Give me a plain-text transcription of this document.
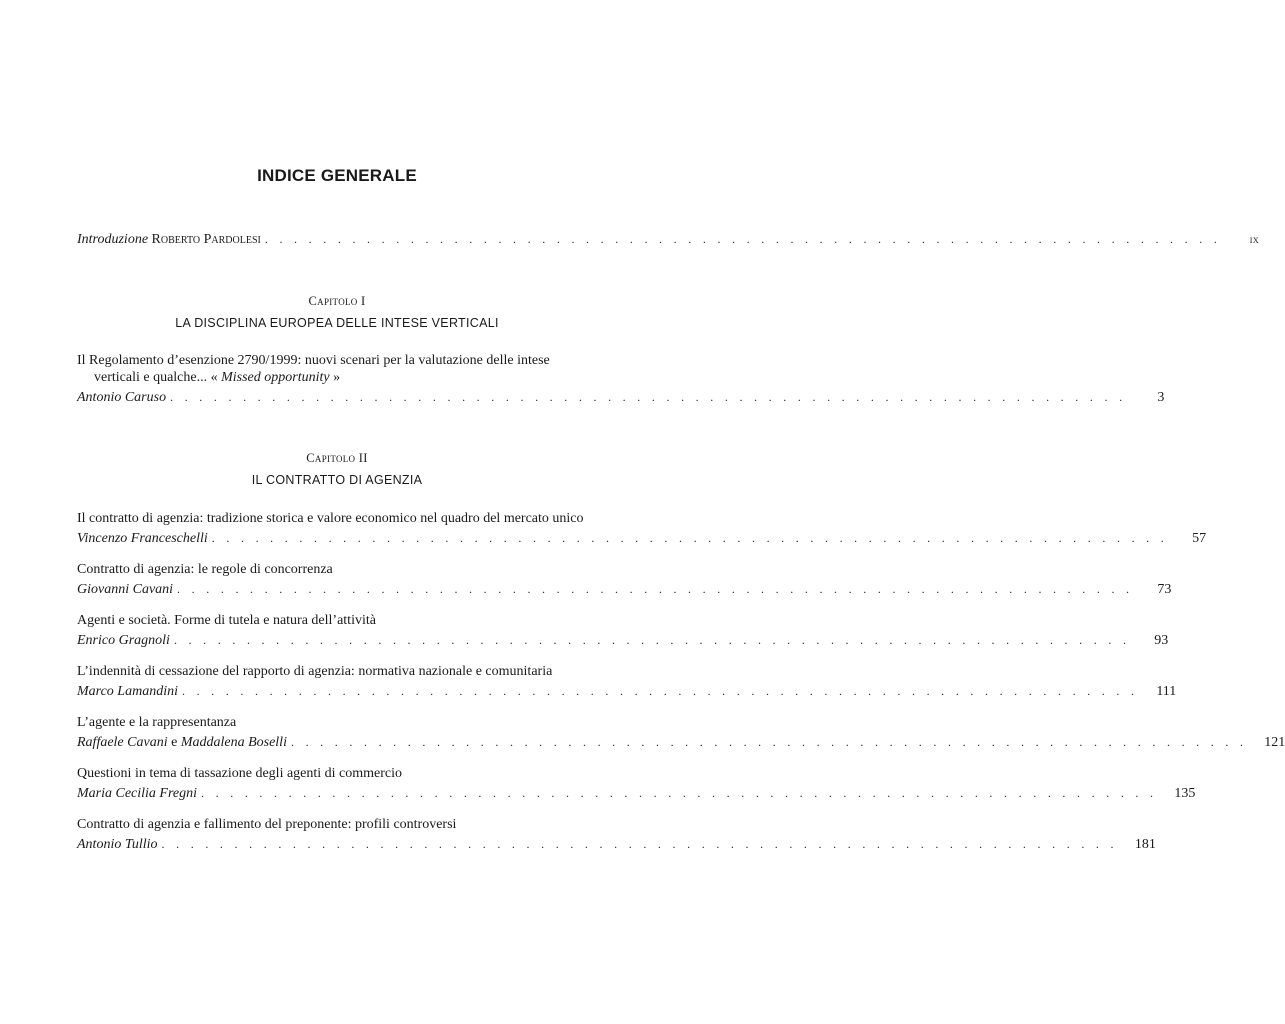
INDICE GENERALE
Introduzione Roberto Pardolesi . . . . . . . . . . . . . . . . . . . . . . . . . . . . . . . . . . . . . . . . . . . . . . . . . . . . . . . . . . . . . . . . . .	ix
Capitolo I
LA DISCIPLINA EUROPEA DELLE INTESE VERTICALI
Il Regolamento d’esenzione 2790/1999: nuovi scenari per la valutazione delle intese verticali e qualche... « Missed opportunity »
Antonio Caruso . . . . . . . . . . . . . . . . . . . . . . . . . . . . . . . . . . . . . . . . . . . . . . . . . . . . . . . . . . . . . . . . . .	3
Capitolo II
IL CONTRATTO DI AGENZIA
Il contratto di agenzia: tradizione storica e valore economico nel quadro del mercato unico
Vincenzo Franceschelli . . . . . . . . . . . . . . . . . . . . . . . . . . . . . . . . . . . . . . . . . . . . . . . . . . . . . . . . . . . . . . . . . .	57
Contratto di agenzia: le regole di concorrenza
Giovanni Cavani . . . . . . . . . . . . . . . . . . . . . . . . . . . . . . . . . . . . . . . . . . . . . . . . . . . . . . . . . . . . . . . . . .	73
Agenti e società. Forme di tutela e natura dell’attività
Enrico Gragnoli . . . . . . . . . . . . . . . . . . . . . . . . . . . . . . . . . . . . . . . . . . . . . . . . . . . . . . . . . . . . . . . . . .	93
L’indennità di cessazione del rapporto di agenzia: normativa nazionale e comunitaria
Marco Lamandini . . . . . . . . . . . . . . . . . . . . . . . . . . . . . . . . . . . . . . . . . . . . . . . . . . . . . . . . . . . . . . . . . .	111
L’agente e la rappresentanza
Raffaele Cavani e Maddalena Boselli . . . . . . . . . . . . . . . . . . . . . . . . . . . . . . . . . . . . . . . . . . . . . . . . . . . . . . . . . . . . . . . . . .	121
Questioni in tema di tassazione degli agenti di commercio
Maria Cecilia Fregni . . . . . . . . . . . . . . . . . . . . . . . . . . . . . . . . . . . . . . . . . . . . . . . . . . . . . . . . . . . . . . . . . .	135
Contratto di agenzia e fallimento del preponente: profili controversi
Antonio Tullio . . . . . . . . . . . . . . . . . . . . . . . . . . . . . . . . . . . . . . . . . . . . . . . . . . . . . . . . . . . . . . . . . .	181
